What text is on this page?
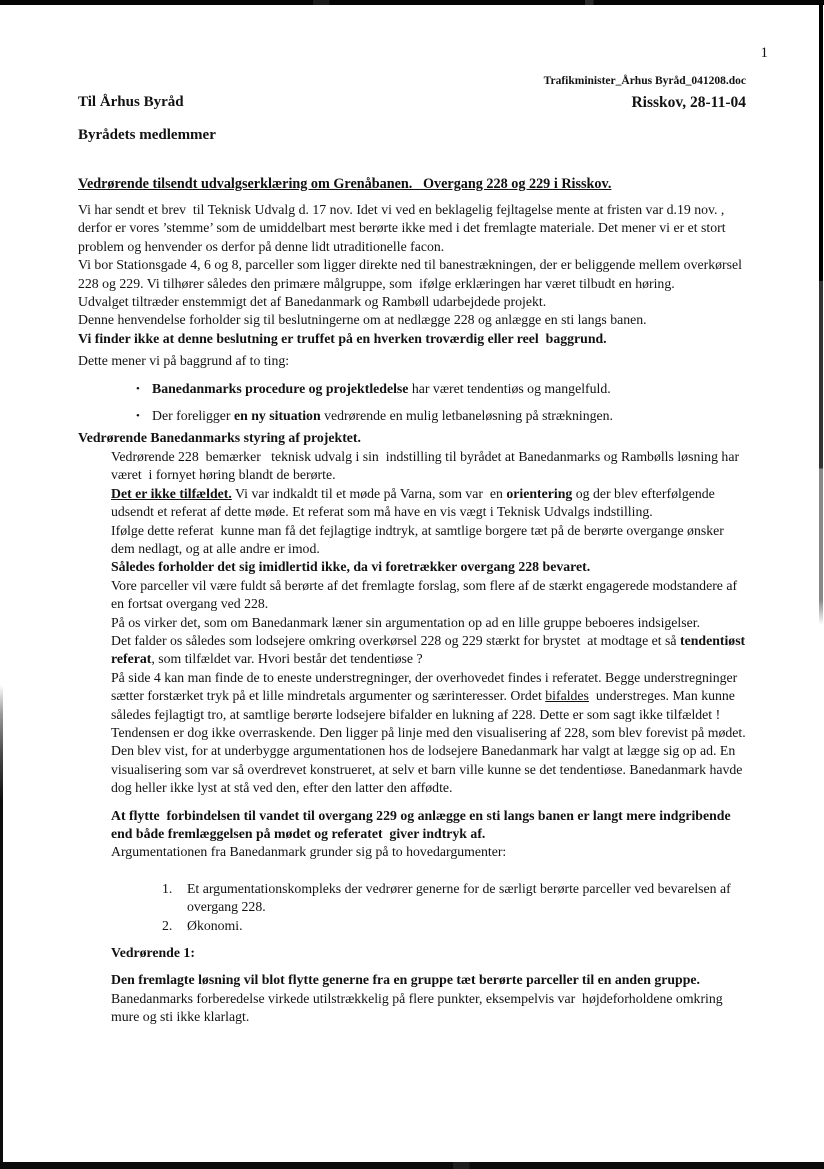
1
Trafikminister_Århus Byråd_041208.doc
Til Århus Byråd	Risskov, 28-11-04
Byrådets medlemmer
Vedrørende tilsendt udvalgserklæring om Grenåbanen.   Overgang 228 og 229 i Risskov.

Vi har sendt et brev  til Teknisk Udvalg d. 17 nov. Idet vi ved en beklagelig fejltagelse mente at fristen var d.19 nov. , derfor er vores ’stemme’ som de umiddelbart mest berørte ikke med i det fremlagte materiale. Det mener vi er et stort problem og henvender os derfor på denne lidt utraditionelle facon.

Vi bor Stationsgade 4, 6 og 8, parceller som ligger direkte ned til banestrækningen, der er beliggende mellem overkørsel 228 og 229. Vi tilhører således den primære målgruppe, som  ifølge erklæringen har været tilbudt en høring.

Udvalget tiltræder enstemmigt det af Banedanmark og Rambøll udarbejdede projekt.

Denne henvendelse forholder sig til beslutningerne om at nedlægge 228 og anlægge en sti langs banen.

Vi finder ikke at denne beslutning er truffet på en hverken troværdig eller reel  baggrund.

Dette mener vi på baggrund af to ting:

• Banedanmarks procedure og projektledelse har været tendentiøs og mangelfuld.

• Der foreligger en ny situation vedrørende en mulig letbaneløsning på strækningen.

Vedrørende Banedanmarks styring af projektet.

Vedrørende 228  bemærker   teknisk udvalg i sin  indstilling til byrådet at Banedanmarks og Rambølls løsning har været  i fornyet høring blandt de berørte.

Det er ikke tilfældet. Vi var indkaldt til et møde på Varna, som var  en orientering og der blev efterfølgende udsendt et referat af dette møde. Et referat som må have en vis vægt i Teknisk Udvalgs indstilling.

Ifølge dette referat  kunne man få det fejlagtige indtryk, at samtlige borgere tæt på de berørte overgange ønsker dem nedlagt, og at alle andre er imod.

Således forholder det sig imidlertid ikke, da vi foretrækker overgang 228 bevaret.

Vore parceller vil være fuldt så berørte af det fremlagte forslag, som flere af de stærkt engagerede modstandere af en fortsat overgang ved 228.

På os virker det, som om Banedanmark læner sin argumentation op ad en lille gruppe beboeres indsigelser.

Det falder os således som lodsejere omkring overkørsel 228 og 229 stærkt for brystet  at modtage et så tendentiøst referat, som tilfældet var. Hvori består det tendentiøse ?

På side 4 kan man finde de to eneste understregninger, der overhovedet findes i referatet. Begge understregninger sætter forstærket tryk på et lille mindretals argumenter og særinteresser. Ordet bifaldes  understreges. Man kunne således fejlagtigt tro, at samtlige berørte lodsejere bifalder en lukning af 228. Dette er som sagt ikke tilfældet !

Tendensen er dog ikke overraskende. Den ligger på linje med den visualisering af 228, som blev forevist på mødet. Den blev vist, for at underbygge argumentationen hos de lodsejere Banedanmark har valgt at lægge sig op ad. En visualisering som var så overdrevet konstrueret, at selv et barn ville kunne se det tendentiøse. Banedanmark havde dog heller ikke lyst at stå ved den, efter den latter den affødte.

At flytte  forbindelsen til vandet til overgang 229 og anlægge en sti langs banen er langt mere indgribende end både fremlæggelsen på mødet og referatet  giver indtryk af.

Argumentationen fra Banedanmark grunder sig på to hovedargumenter:

1.	Et argumentationskompleks der vedrører generne for de særligt berørte parceller ved bevarelsen af overgang 228.

2.	Økonomi.

Vedrørende 1:

Den fremlagte løsning vil blot flytte generne fra en gruppe tæt berørte parceller til en anden gruppe.

Banedanmarks forberedelse virkede utilstrækkelig på flere punkter, eksempelvis var  højdeforholdene omkring mure og sti ikke klarlagt.
